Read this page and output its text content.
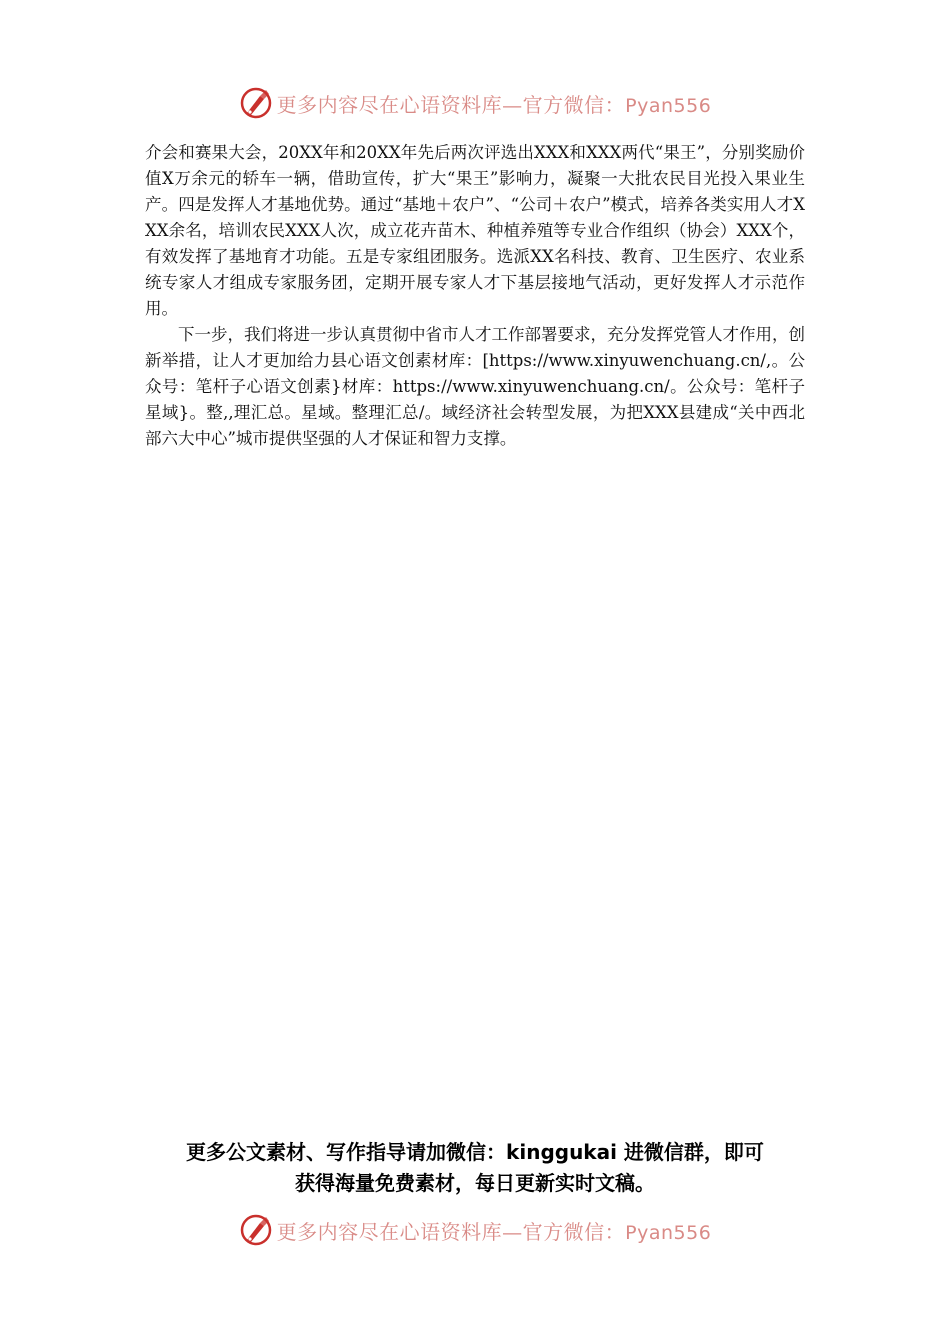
更多内容尽在心语资料库—官方微信：Pyan556

介会和赛果大会，20XX年和20XX年先后两次评选出XXX和XXX两代“果王”，分别奖励价值X万余元的轿车一辆，借助宣传，扩大“果王”影响力，凝聚一大批农民目光投入果业生产。四是发挥人才基地优势。通过“基地＋农户”、“公司＋农户”模式，培养各类实用人才XXX余名，培训农民XXX人次，成立花卉苗木、种植养殖等专业合作组织（协会）XXX个，有效发挥了基地育才功能。五是专家组团服务。选派XX名科技、教育、卫生医疗、农业系统专家人才组成专家服务团，定期开展专家人才下基层接地气活动，更好发挥人才示范作用。

下一步，我们将进一步认真贯彻中省市人才工作部署要求，充分发挥党管人才作用，创新举措，让人才更加给力县心语文创素材库：[https://www.xinyuwenchuang.cn/,。公众号：笔杆子心语文创素}材库：https://www.xinyuwenchuang.cn/。公众号：笔杆子星域}。整,,理汇总。星域。整理汇总/。域经济社会转型发展，为把XXX县建成“关中西北部六大中心”城市提供坚强的人才保证和智力支撑。

更多公文素材、写作指导请加微信：kinggukai 进微信群，即可
获得海量免费素材，每日更新实时文稿。
更多内容尽在心语资料库—官方微信：Pyan556
